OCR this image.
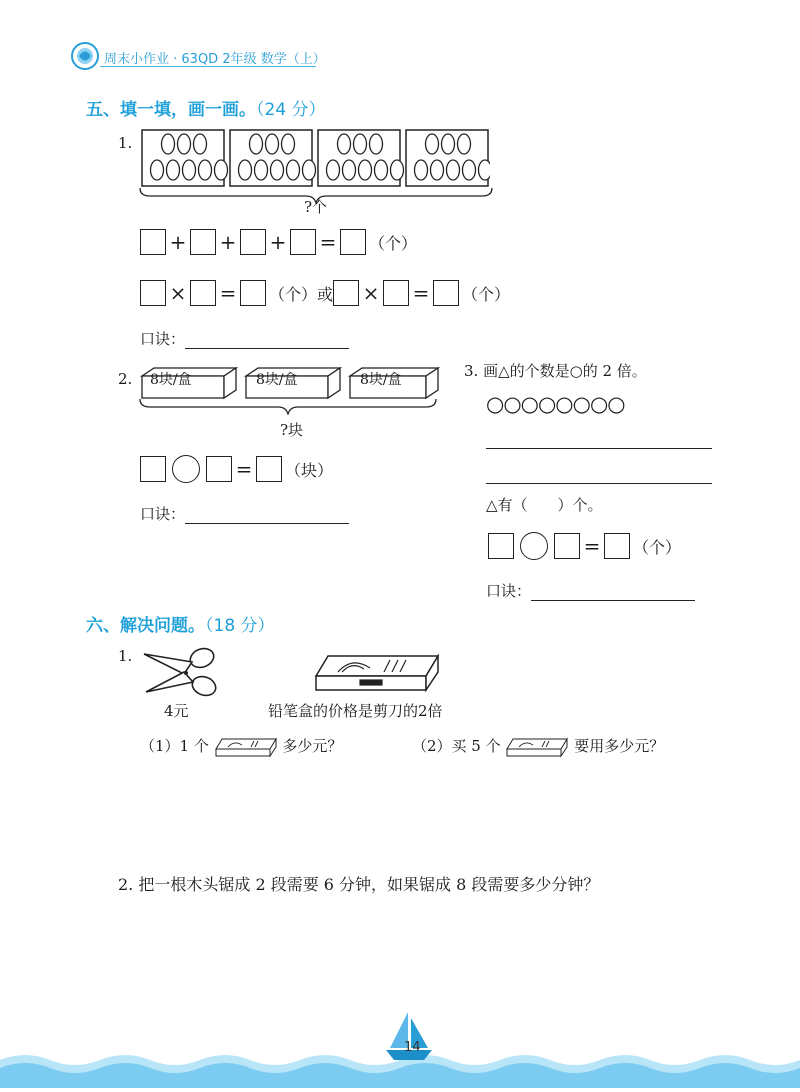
周末小作业 · 63QD 2年级 数学（上）
五、填一填，画一画。（24 分）
1.
?个
+ + + = （个）
× = （个）或 × = （个）
口诀：
2. 8块/盒	8块/盒	8块/盒
?块
= （块）
口诀：
3. 画△的个数是○的 2 倍。
○○○○○○○○
△有（　　）个。
= （个）
口诀：
六、解决问题。（18 分）
1.
4元	铅笔盒的价格是剪刀的2倍
（1）1 个	多少元？	（2）买 5 个	要用多少元？
2. 把一根木头锯成 2 段需要 6 分钟，如果锯成 8 段需要多少分钟？
14
